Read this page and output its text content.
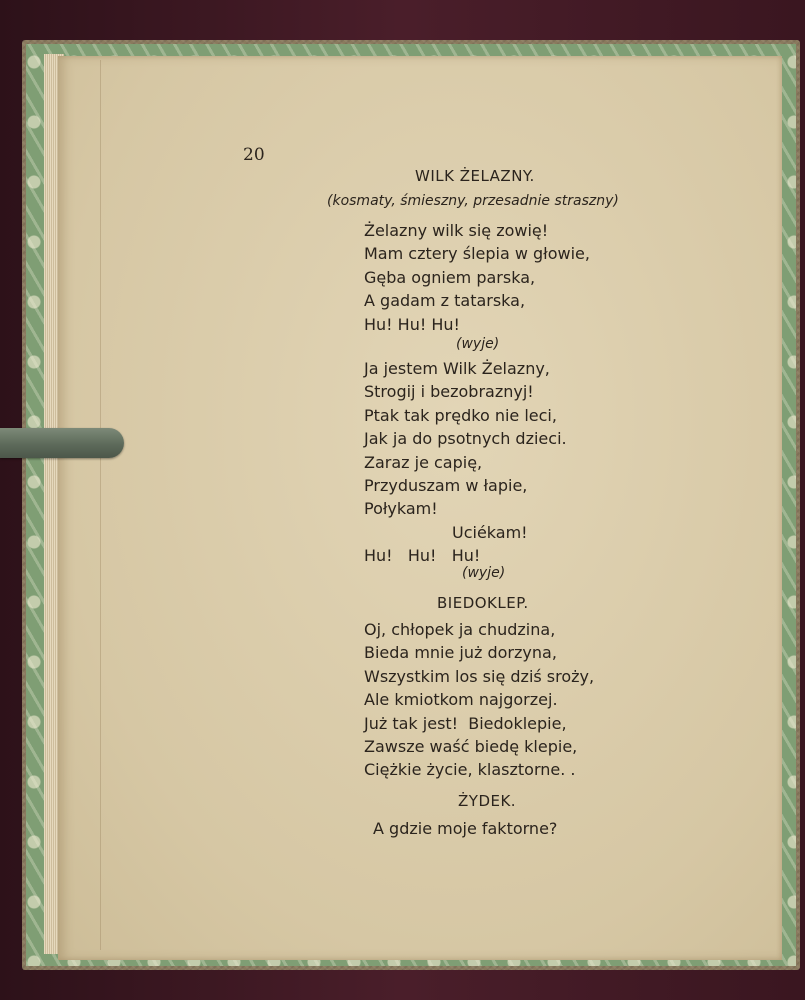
20

WILK ŻELAZNY.

(kosmaty, śmieszny, przesadnie straszny)

Żelazny wilk się zowię!
Mam cztery ślepia w głowie,
Gęba ogniem parska,
A gadam z tatarska,
Hu! Hu! Hu!

(wyje)

Ja jestem Wilk Żelazny,
Strogij i bezobraznyj!
Ptak tak prędko nie leci,
Jak ja do psotnych dzieci.
Zaraz je capię,
Przyduszam w łapie,
Połykam!
Uciékam!
Hu!   Hu!   Hu!

(wyje)

BIEDOKLEP.

Oj, chłopek ja chudzina,
Bieda mnie już dorzyna,
Wszystkim los się dziś sroży,
Ale kmiotkom najgorzej.
Już tak jest!  Biedoklepie,
Zawsze waść biedę klepie,
Ciężkie życie, klasztorne. .

ŻYDEK.

A gdzie moje faktorne?
